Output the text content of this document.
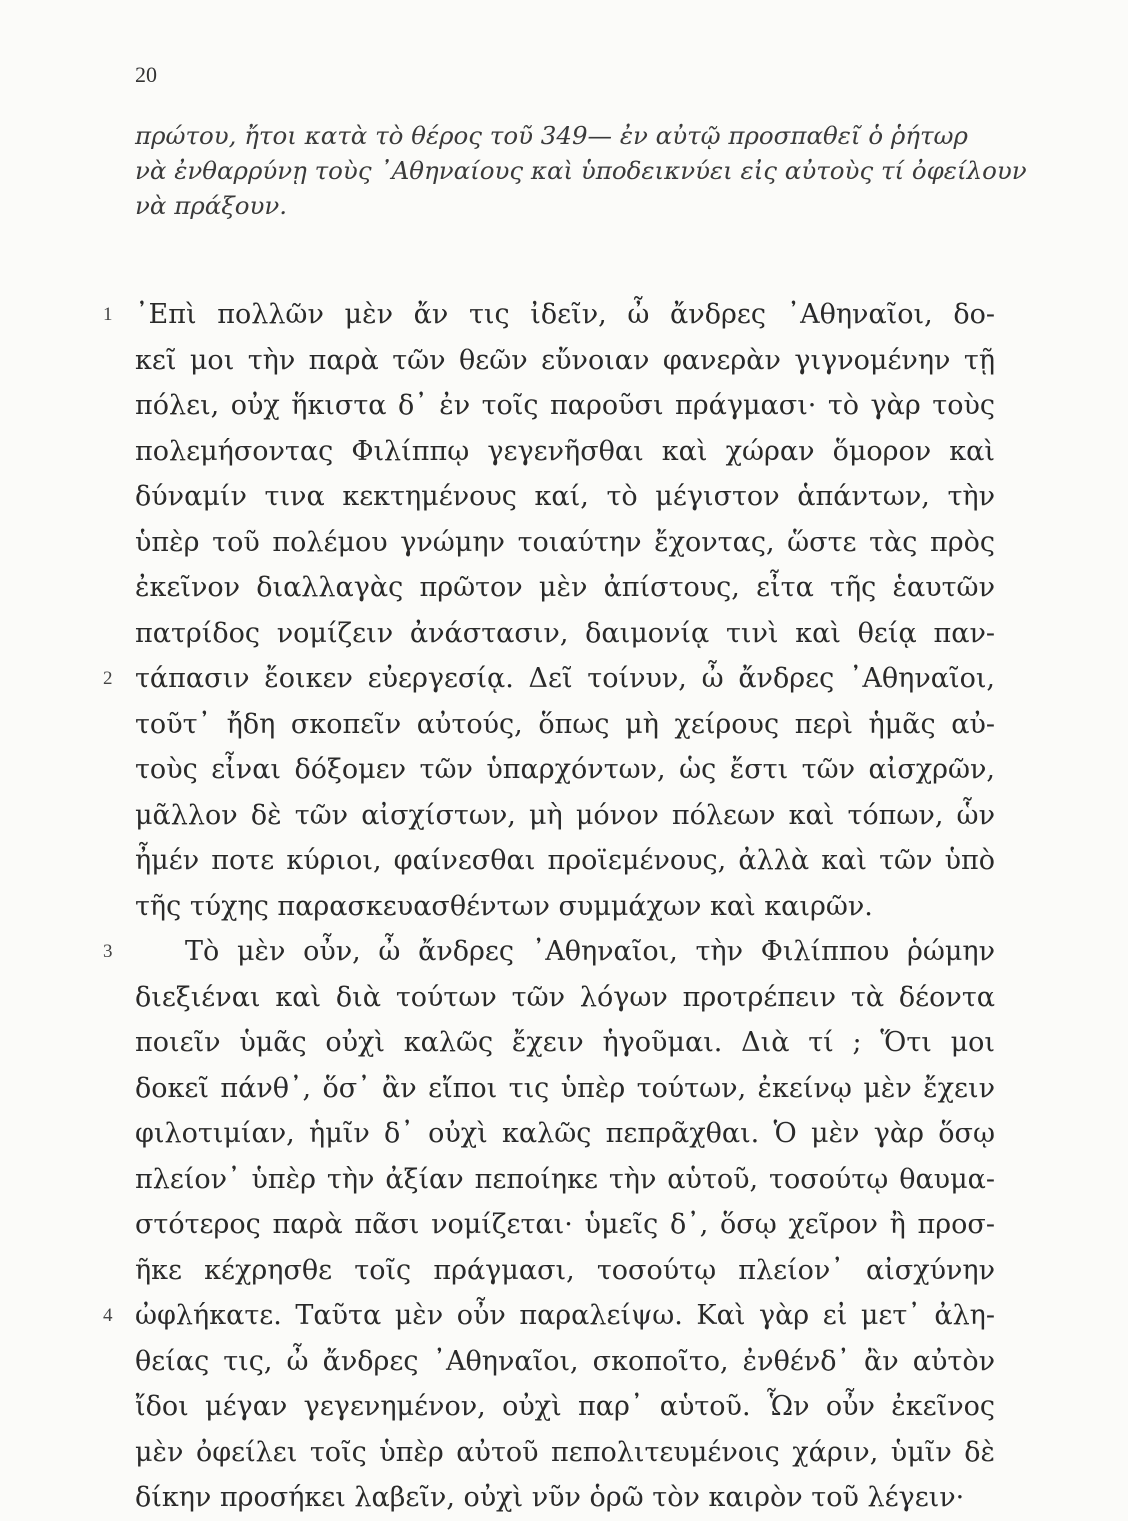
20
πρώτου, ἤτοι κατὰ τὸ θέρος τοῦ 349— ἐν αὐτῷ προσπαθεῖ ὁ ῥήτωρ
νὰ ἐνθαρρύνῃ τοὺς ᾿Αθηναίους καὶ ὑποδεικνύει εἰς αὐτοὺς τί ὀφείλουν
νὰ πράξουν.
᾿Επὶ πολλῶν μὲν ἄν τις ἰδεῖν, ὦ ἄνδρες ᾿Αθηναῖοι, δο-
1
κεῖ μοι τὴν παρὰ τῶν θεῶν εὔνοιαν φανερὰν γιγνομένην τῇ
πόλει, οὐχ ἥκιστα δ᾿ ἐν τοῖς παροῦσι πράγμασι· τὸ γὰρ τοὺς
πολεμήσοντας Φιλίππῳ γεγενῆσθαι καὶ χώραν ὅμορον καὶ
δύναμίν τινα κεκτημένους καί, τὸ μέγιστον ἁπάντων, τὴν
ὑπὲρ τοῦ πολέμου γνώμην τοιαύτην ἔχοντας, ὥστε τὰς πρὸς
ἐκεῖνον διαλλαγὰς πρῶτον μὲν ἀπίστους, εἶτα τῆς ἑαυτῶν
πατρίδος νομίζειν ἀνάστασιν, δαιμονίᾳ τινὶ καὶ θείᾳ παν-
τάπασιν ἔοικεν εὐεργεσίᾳ. Δεῖ τοίνυν, ὦ ἄνδρες ᾿Αθηναῖοι,
2
τοῦτ᾿ ἤδη σκοπεῖν αὐτούς, ὅπως μὴ χείρους περὶ ἡμᾶς αὐ-
τοὺς εἶναι δόξομεν τῶν ὑπαρχόντων, ὡς ἔστι τῶν αἰσχρῶν,
μᾶλλον δὲ τῶν αἰσχίστων, μὴ μόνον πόλεων καὶ τόπων, ὧν
ἦμέν ποτε κύριοι, φαίνεσθαι προϊεμένους, ἀλλὰ καὶ τῶν ὑπὸ
τῆς τύχης παρασκευασθέντων συμμάχων καὶ καιρῶν.
Τὸ μὲν οὖν, ὦ ἄνδρες ᾿Αθηναῖοι, τὴν Φιλίππου ῥώμην
3
διεξιέναι καὶ διὰ τούτων τῶν λόγων προτρέπειν τὰ δέοντα
ποιεῖν ὑμᾶς οὐχὶ καλῶς ἔχειν ἡγοῦμαι. Διὰ τί ; Ὅτι μοι
δοκεῖ πάνθ᾿, ὅσ᾿ ἂν εἴποι τις ὑπὲρ τούτων, ἐκείνῳ μὲν ἔχειν
φιλοτιμίαν, ἡμῖν δ᾿ οὐχὶ καλῶς πεπρᾶχθαι. Ὁ μὲν γὰρ ὅσῳ
πλείον᾿ ὑπὲρ τὴν ἀξίαν πεποίηκε τὴν αὑτοῦ, τοσούτῳ θαυμα-
στότερος παρὰ πᾶσι νομίζεται· ὑμεῖς δ᾿, ὅσῳ χεῖρον ἢ προσ-
ῆκε κέχρησθε τοῖς πράγμασι, τοσούτῳ πλείον᾿ αἰσχύνην
ὠφλήκατε. Ταῦτα μὲν οὖν παραλείψω. Καὶ γὰρ εἰ μετ᾿ ἀλη-
4
θείας τις, ὦ ἄνδρες ᾿Αθηναῖοι, σκοποῖτο, ἐνθένδ᾿ ἂν αὐτὸν
ἴδοι μέγαν γεγενημένον, οὐχὶ παρ᾿ αὑτοῦ. Ὧν οὖν ἐκεῖνος
μὲν ὀφείλει τοῖς ὑπὲρ αὐτοῦ πεπολιτευμένοις χάριν, ὑμῖν δὲ
δίκην προσήκει λαβεῖν, οὐχὶ νῦν ὁρῶ τὸν καιρὸν τοῦ λέγειν·
